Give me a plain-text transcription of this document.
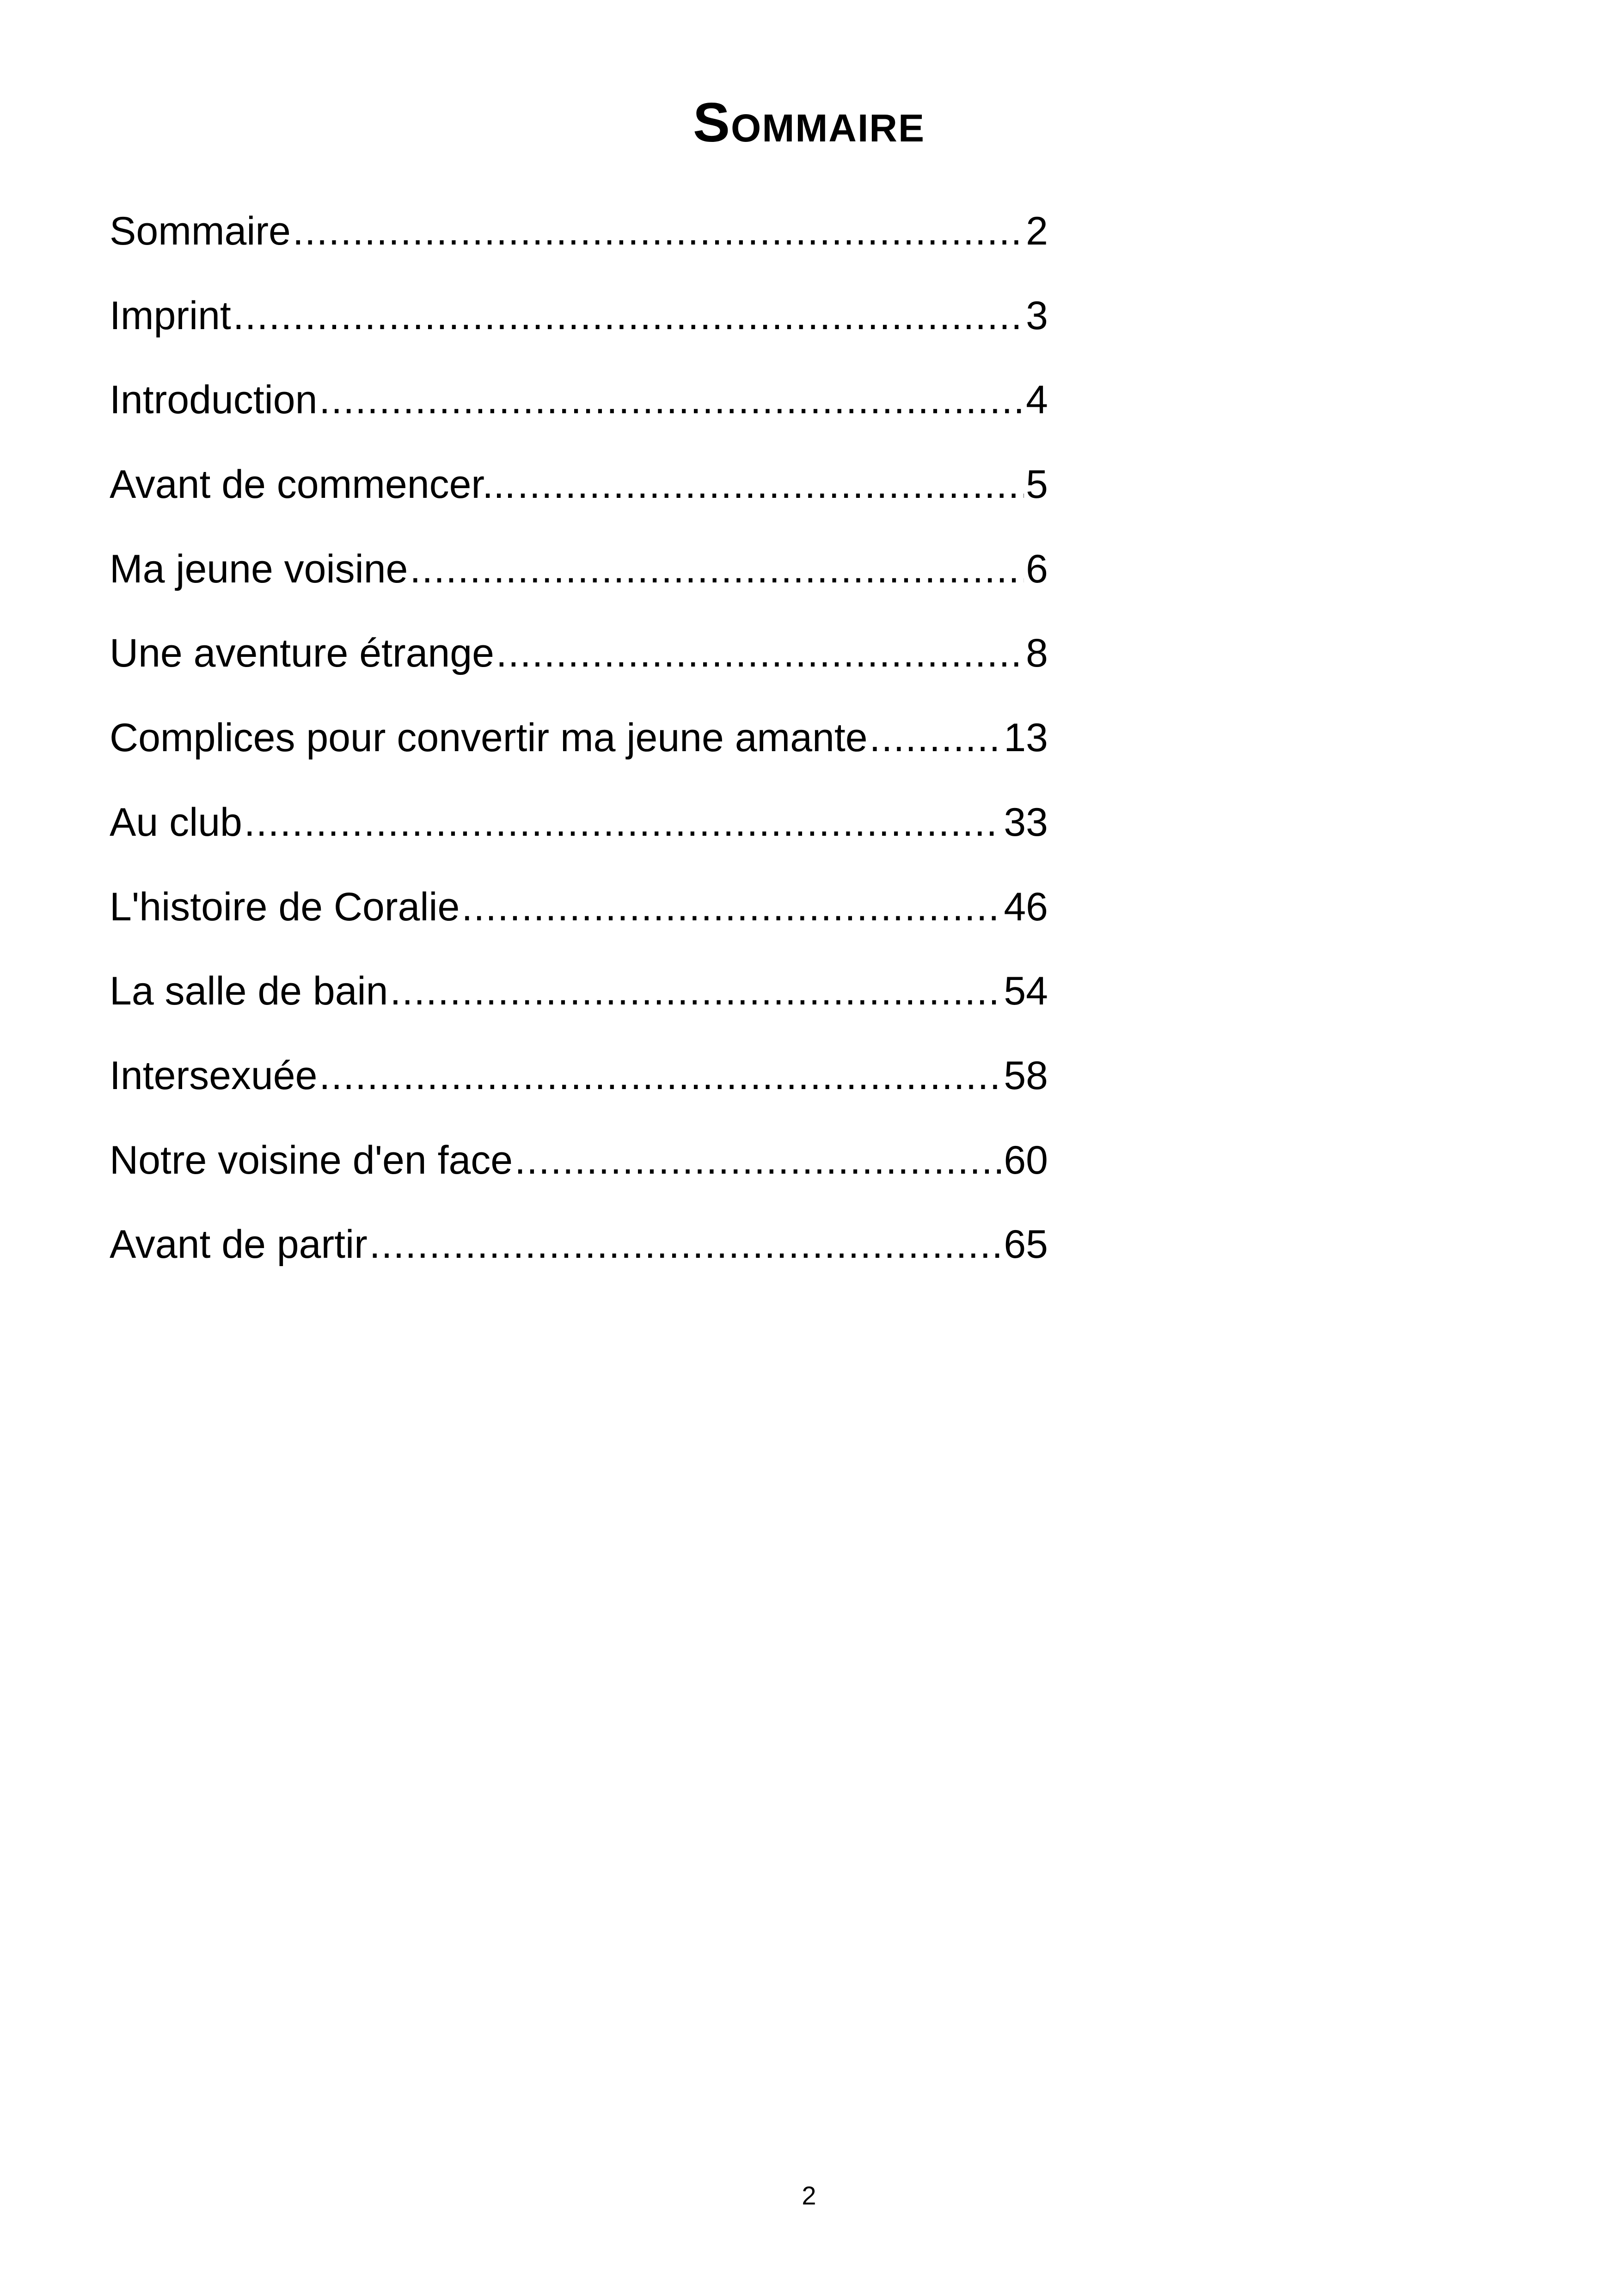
Sommaire
Sommaire .....	2
Imprint .....	3
Introduction .....	4
Avant de commencer... .....	5
Ma jeune voisine .....	6
Une aventure étrange .....	8
Complices pour convertir ma jeune amante .....	13
Au club .....	33
L'histoire de Coralie .....	46
La salle de bain .....	54
Intersexuée .....	58
Notre voisine d'en face .....	60
Avant de partir .....	65
2
